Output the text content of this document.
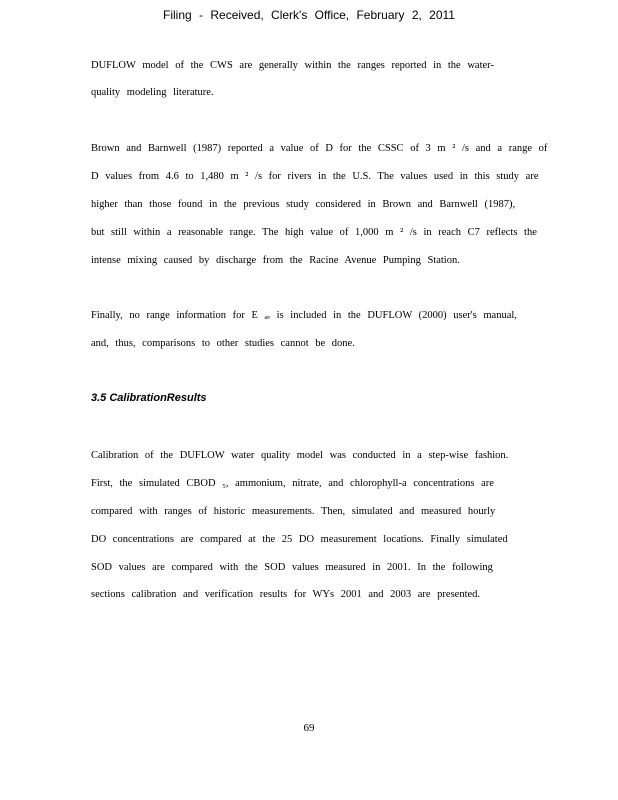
Filing - Received, Clerk's Office, February 2, 2011
DUFLOW model of the CWS are generally within the ranges reported in the water-
quality modeling literature.
Brown and Barnwell (1987) reported a value of D for the CSSC of 3 m ² /s and a range of
D values from 4.6 to 1,480 m ² /s for rivers in the U.S. The values used in this study are
higher than those found in the previous study considered in Brown and Barnwell (1987),
but still within a reasonable range. The high value of 1,000 m ² /s in reach C7 reflects the
intense mixing caused by discharge from the Racine Avenue Pumping Station.
Finally, no range information for E ₐₑ is included in the DUFLOW (2000) user's manual,
and, thus, comparisons to other studies cannot be done.
3.5 CalibrationResults
Calibration of the DUFLOW water quality model was conducted in a step-wise fashion.
First, the simulated CBOD ₅, ammonium, nitrate, and chlorophyll-a concentrations are
compared with ranges of historic measurements. Then, simulated and measured hourly
DO concentrations are compared at the 25 DO measurement locations. Finally simulated
SOD values are compared with the SOD values measured in 2001. In the following
sections calibration and verification results for WYs 2001 and 2003 are presented.
69
